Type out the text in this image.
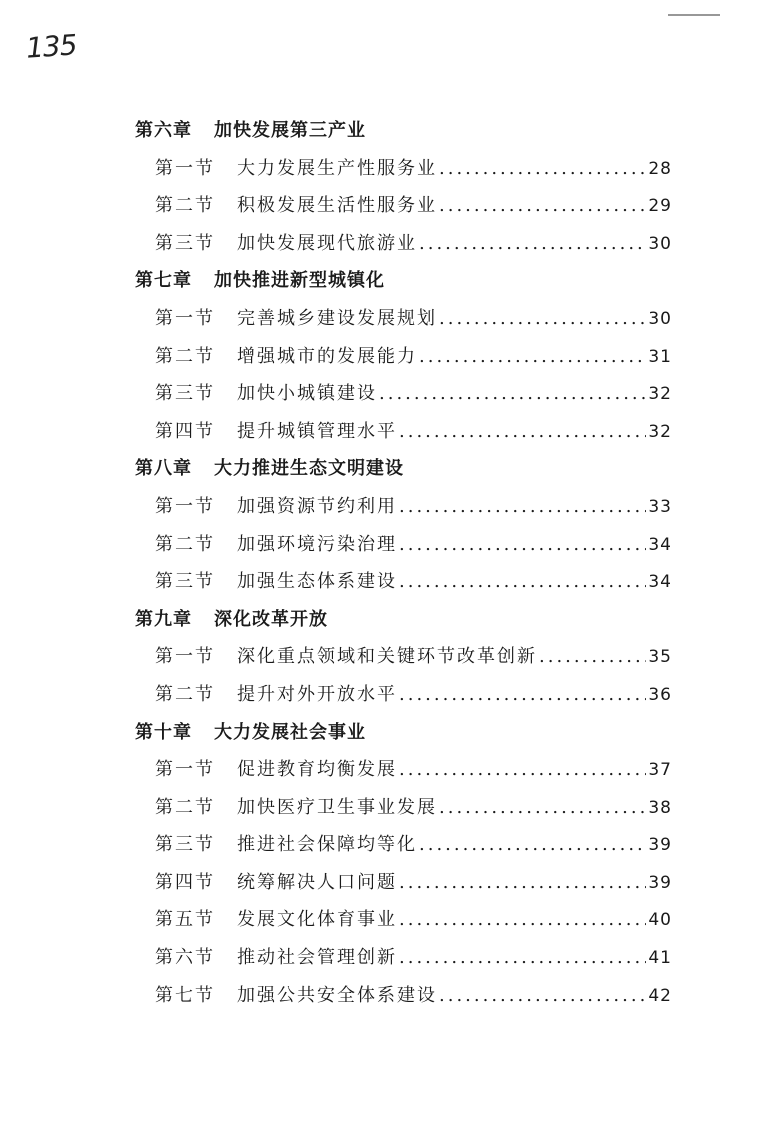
135
第六章 加快发展第三产业
第一节 大力发展生产性服务业 .....	28
第二节 积极发展生活性服务业 .....	29
第三节 加快发展现代旅游业 .....	30
第七章 加快推进新型城镇化
第一节 完善城乡建设发展规划 .....	30
第二节 增强城市的发展能力 .....	31
第三节 加快小城镇建设 .....	32
第四节 提升城镇管理水平 .....	32
第八章 大力推进生态文明建设
第一节 加强资源节约利用 .....	33
第二节 加强环境污染治理 .....	34
第三节 加强生态体系建设 .....	34
第九章 深化改革开放
第一节 深化重点领域和关键环节改革创新 .....	35
第二节 提升对外开放水平 .....	36
第十章 大力发展社会事业
第一节 促进教育均衡发展 .....	37
第二节 加快医疗卫生事业发展 .....	38
第三节 推进社会保障均等化 .....	39
第四节 统筹解决人口问题 .....	39
第五节 发展文化体育事业 .....	40
第六节 推动社会管理创新 .....	41
第七节 加强公共安全体系建设 .....	42
